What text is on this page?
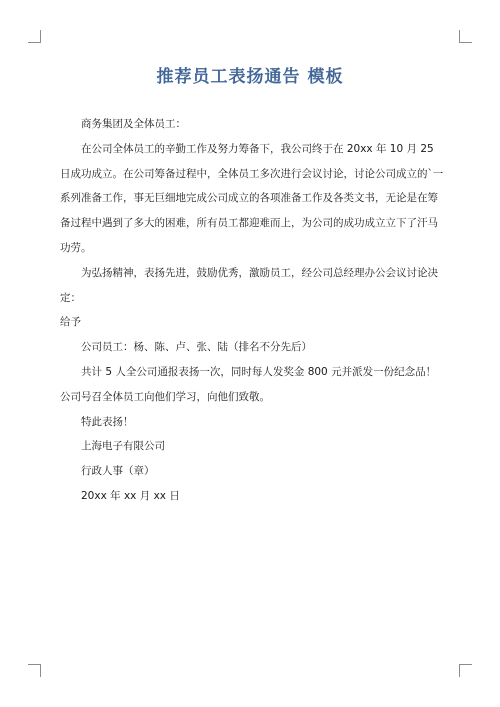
推荐员工表扬通告 模板

商务集团及全体员工：

在公司全体员工的辛勤工作及努力筹备下，我公司终于在 20xx 年 10 月 25 日成功成立。在公司筹备过程中，全体员工多次进行会议讨论，讨论公司成立的`一系列准备工作，事无巨细地完成公司成立的各项准备工作及各类文书，无论是在筹备过程中遇到了多大的困难，所有员工都迎难而上，为公司的成功成立立下了汗马功劳。

为弘扬精神，表扬先进，鼓励优秀，激励员工，经公司总经理办公会议讨论决定：

给予

公司员工：杨、陈、卢、张、陆（排名不分先后）

共计 5 人全公司通报表扬一次，同时每人发奖金 800 元并派发一份纪念品！公司号召全体员工向他们学习，向他们致敬。

特此表扬！

上海电子有限公司

行政人事（章）

20xx 年 xx 月 xx 日
